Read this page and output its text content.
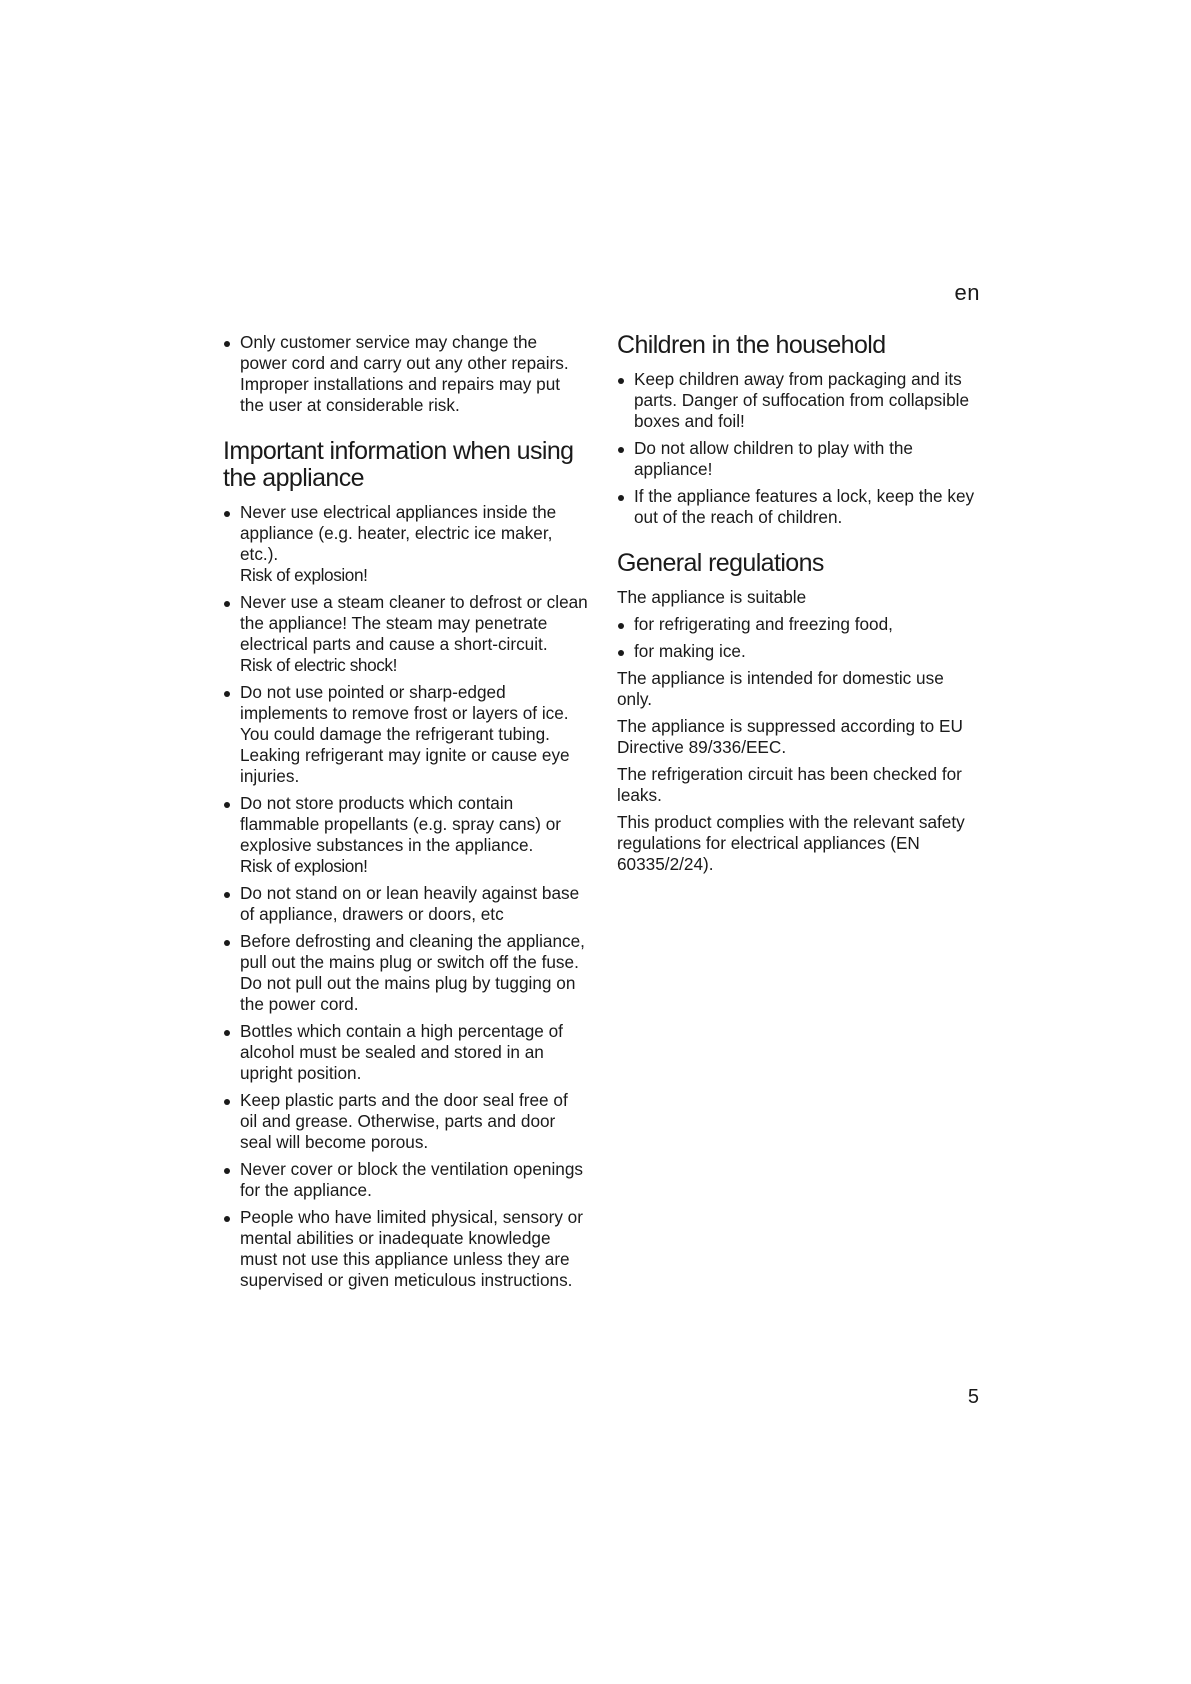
en
Only customer service may change the power cord and carry out any other repairs. Improper installations and repairs may put the user at considerable risk.
Important information when using the appliance
Never use electrical appliances inside the appliance (e.g. heater, electric ice maker, etc.).
Risk of explosion!
Never use a steam cleaner to defrost or clean the appliance! The steam may penetrate electrical parts and cause a short-circuit.
Risk of electric shock!
Do not use pointed or sharp-edged implements to remove frost or layers of ice. You could damage the refrigerant tubing. Leaking refrigerant may ignite or cause eye injuries.
Do not store products which contain flammable propellants (e.g. spray cans) or explosive substances in the appliance.
Risk of explosion!
Do not stand on or lean heavily against base of appliance, drawers or doors, etc
Before defrosting and cleaning the appliance, pull out the mains plug or switch off the fuse. Do not pull out the mains plug by tugging on the power cord.
Bottles which contain a high percentage of alcohol must be sealed and stored in an upright position.
Keep plastic parts and the door seal free of oil and grease. Otherwise, parts and door seal will become porous.
Never cover or block the ventilation openings for the appliance.
People who have limited physical, sensory or mental abilities or inadequate knowledge must not use this appliance unless they are supervised or given meticulous instructions.
Children in the household
Keep children away from packaging and its parts. Danger of suffocation from collapsible boxes and foil!
Do not allow children to play with the appliance!
If the appliance features a lock, keep the key out of the reach of children.
General regulations

The appliance is suitable

for refrigerating and freezing food,
for making ice.

The appliance is intended for domestic use only.

The appliance is suppressed according to EU Directive 89/336/EEC.

The refrigeration circuit has been checked for leaks.

This product complies with the relevant safety regulations for electrical appliances (EN 60335/2/24).

5
